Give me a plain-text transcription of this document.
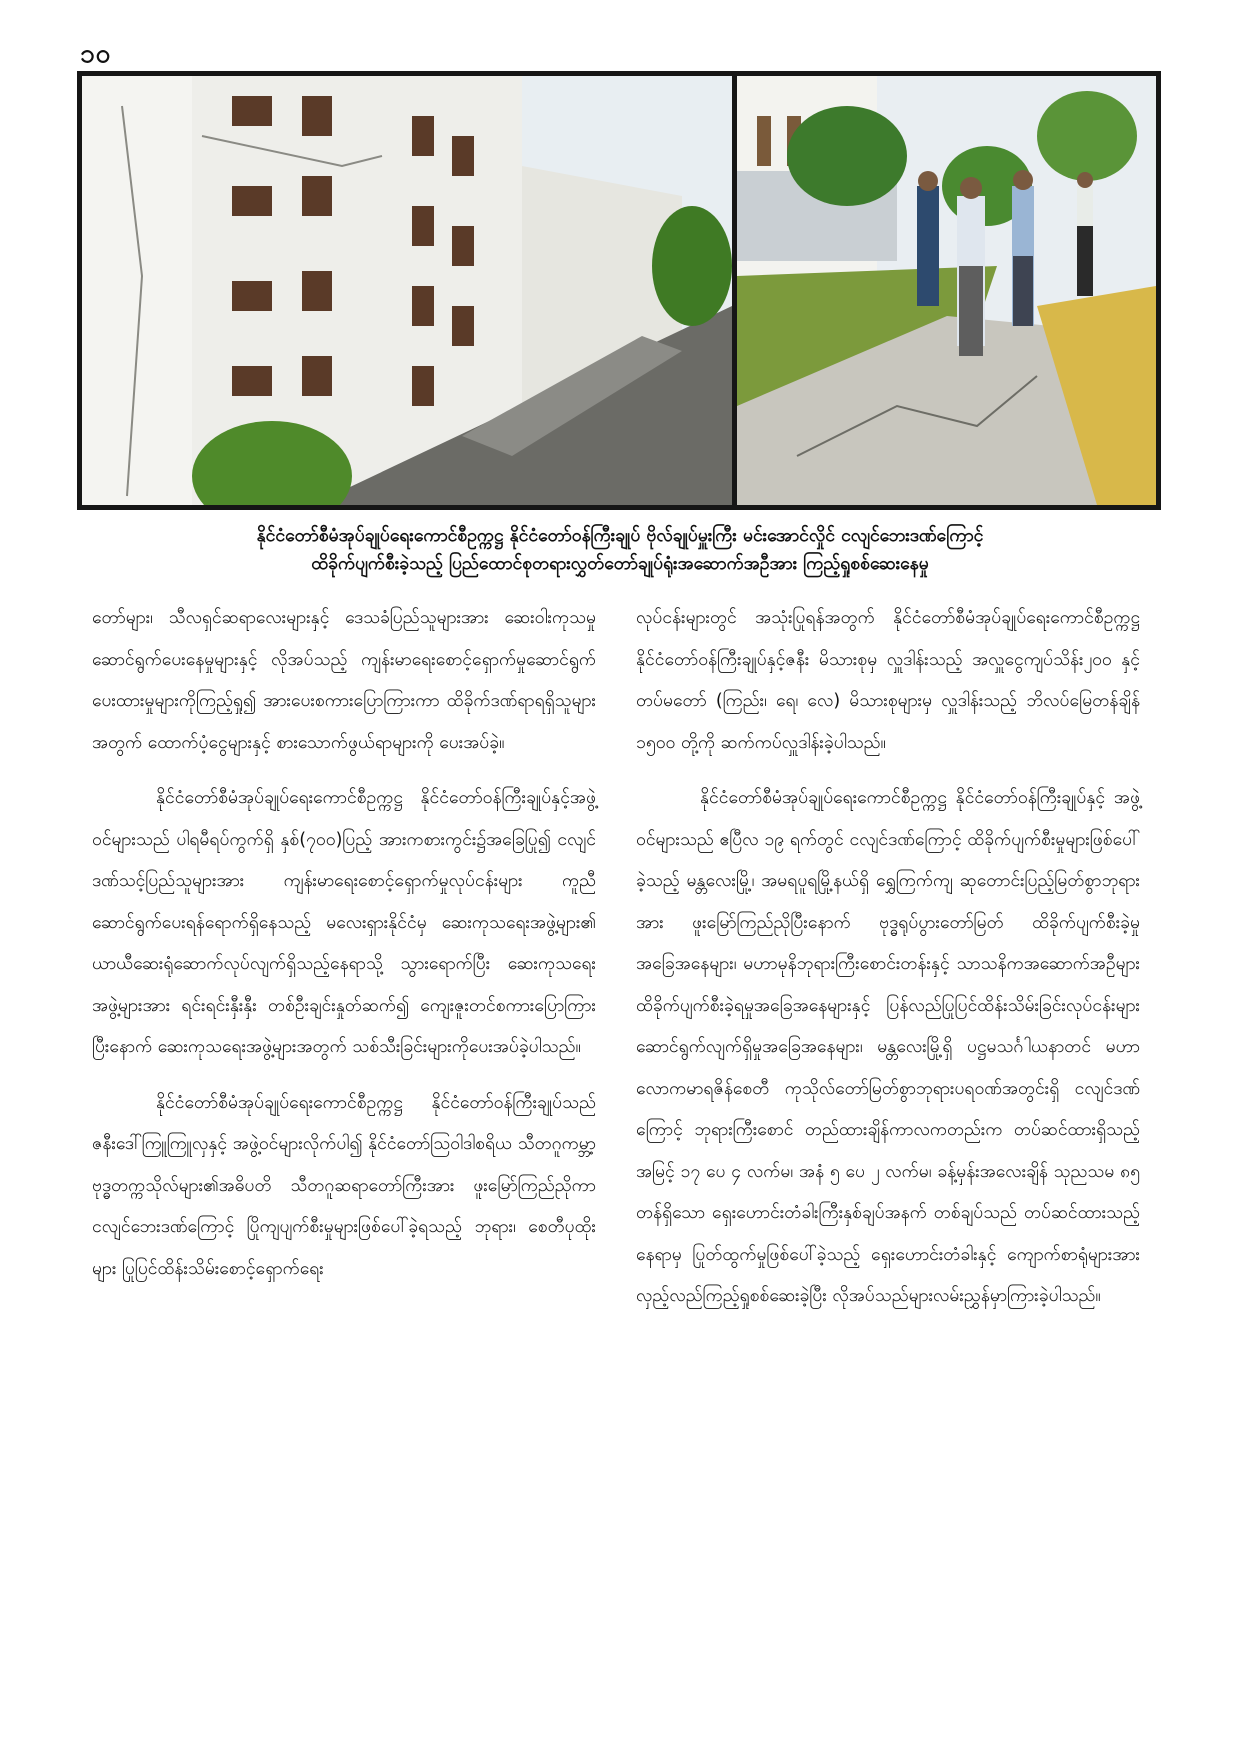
၁၀
နိုင်ငံတော်စီမံအုပ်ချုပ်ရေးကောင်စီဥက္ကဋ္ဌ နိုင်ငံတော်ဝန်ကြီးချုပ် ဗိုလ်ချုပ်မှူးကြီး မင်းအောင်လှိုင် ငလျင်ဘေးဒဏ်ကြောင့်
ထိခိုက်ပျက်စီးခဲ့သည့် ပြည်ထောင်စုတရားလွှတ်တော်ချုပ်ရုံးအဆောက်အဦအား ကြည့်ရှုစစ်ဆေးနေမှု

တော်များ၊ သီလရှင်ဆရာလေးများနှင့် ဒေသခံပြည်သူများအား ဆေးဝါးကုသမှုဆောင်ရွက်ပေးနေမှုများနှင့် လိုအပ်သည့် ကျန်းမာရေးစောင့်ရှောက်မှုဆောင်ရွက်ပေးထားမှုများကိုကြည့်ရှု၍ အားပေးစကားပြောကြားကာ ထိခိုက်ဒဏ်ရာရရှိသူများအတွက် ထောက်ပံ့ငွေများနှင့် စားသောက်ဖွယ်ရာများကို ပေးအပ်ခဲ့။

နိုင်ငံတော်စီမံအုပ်ချုပ်ရေးကောင်စီဥက္ကဋ္ဌ နိုင်ငံတော်ဝန်ကြီးချုပ်နှင့်အဖွဲ့ဝင်များသည် ပါရမီရပ်ကွက်ရှိ နှစ်(၇၀၀)ပြည့် အားကစားကွင်း၌အခြေပြု၍ ငလျင်ဒဏ်သင့်ပြည်သူများအား ကျန်းမာရေးစောင့်ရှောက်မှုလုပ်ငန်းများ ကူညီဆောင်ရွက်ပေးရန်ရောက်ရှိနေသည့် မလေးရှားနိုင်ငံမှ ဆေးကုသရေးအဖွဲ့များ၏ ယာယီဆေးရုံဆောက်လုပ်လျက်ရှိသည့်နေရာသို့ သွားရောက်ပြီး ဆေးကုသရေးအဖွဲ့များအား ရင်းရင်းနှီးနှီး တစ်ဦးချင်းနှုတ်ဆက်၍ ကျေးဇူးတင်စကားပြောကြားပြီးနောက် ဆေးကုသရေးအဖွဲ့များအတွက် သစ်သီးခြင်းများကိုပေးအပ်ခဲ့ပါသည်။

နိုင်ငံတော်စီမံအုပ်ချုပ်ရေးကောင်စီဥက္ကဋ္ဌ နိုင်ငံတော်ဝန်ကြီးချုပ်သည် ဇနီးဒေါ်ကြူကြူလှနှင့် အဖွဲ့ဝင်များလိုက်ပါ၍ နိုင်ငံတော်သြဝါဒါစရိယ သီတဂူကမ္ဘာ့ဗုဒ္ဓတက္ကသိုလ်များ၏အဓိပတိ သီတဂူဆရာတော်ကြီးအား ဖူးမြော်ကြည်ညိုကာ ငလျင်ဘေးဒဏ်ကြောင့် ပြိုကျပျက်စီးမှုများဖြစ်ပေါ်ခဲ့ရသည့် ဘုရား၊ စေတီပုထိုးများ ပြုပြင်ထိန်းသိမ်းစောင့်ရှောက်ရေး

လုပ်ငန်းများတွင် အသုံးပြုရန်အတွက် နိုင်ငံတော်စီမံအုပ်ချုပ်ရေးကောင်စီဥက္ကဋ္ဌ နိုင်ငံတော်ဝန်ကြီးချုပ်နှင့်ဇနီး မိသားစုမှ လှူဒါန်းသည့် အလှူငွေကျပ်သိန်း၂၀၀ နှင့် တပ်မတော် (ကြည်း၊ ရေ၊ လေ) မိသားစုများမှ လှူဒါန်းသည့် ဘိလပ်မြေတန်ချိန် ၁၅၀၀ တို့ကို ဆက်ကပ်လှူဒါန်းခဲ့ပါသည်။

နိုင်ငံတော်စီမံအုပ်ချုပ်ရေးကောင်စီဥက္ကဋ္ဌ နိုင်ငံတော်ဝန်ကြီးချုပ်နှင့် အဖွဲ့ဝင်များသည် ဧပြီလ ၁၉ ရက်တွင် ငလျင်ဒဏ်ကြောင့် ထိခိုက်ပျက်စီးမှုများဖြစ်ပေါ်ခဲ့သည့် မန္တလေးမြို့၊ အမရပူရမြို့နယ်ရှိ ရွှေကြက်ကျ ဆုတောင်းပြည့်မြတ်စွာဘုရားအား ဖူးမြော်ကြည်ညိုပြီးနောက် ဗုဒ္ဓရုပ်ပွားတော်မြတ် ထိခိုက်ပျက်စီးခဲ့မှုအခြေအနေများ၊ မဟာမုနိဘုရားကြီးစောင်းတန်းနှင့် သာသနိကအဆောက်အဦများ ထိခိုက်ပျက်စီးခဲ့ရမှုအခြေအနေများနှင့် ပြန်လည်ပြုပြင်ထိန်းသိမ်းခြင်းလုပ်ငန်းများ ဆောင်ရွက်လျက်ရှိမှုအခြေအနေများ၊ မန္တလေးမြို့ရှိ ပဋ္ဌမသင်္ဂါယနာတင် မဟာလောကမာရဇိန်စေတီ ကုသိုလ်တော်မြတ်စွာဘုရားပရဝဏ်အတွင်းရှိ ငလျင်ဒဏ်ကြောင့် ဘုရားကြီးစောင် တည်ထားချိန်ကာလကတည်းက တပ်ဆင်ထားရှိသည့် အမြင့် ၁၇ ပေ ၄ လက်မ၊ အနံ ၅ ပေ ၂ လက်မ၊ ခန့်မှန်းအလေးချိန် သုညသမ ၈၅ တန်ရှိသော ရှေးဟောင်းတံခါးကြီးနှစ်ချပ်အနက် တစ်ချပ်သည် တပ်ဆင်ထားသည့်နေရာမှ ပြုတ်ထွက်မှုဖြစ်ပေါ်ခဲ့သည့် ရှေးဟောင်းတံခါးနှင့် ကျောက်စာရုံများအား လှည့်လည်ကြည့်ရှုစစ်ဆေးခဲ့ပြီး လိုအပ်သည်များလမ်းညွှန်မှာကြားခဲ့ပါသည်။
